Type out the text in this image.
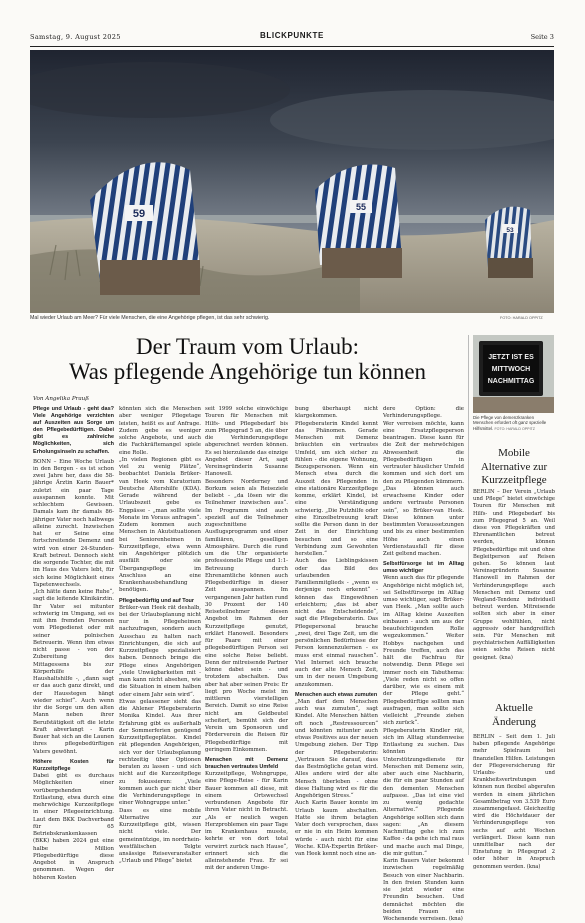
Samstag, 9. August 2025	BLICKPUNKTE	Seite 3
59
55
53
Mal wieder Urlaub am Meer? Für viele Menschen, die eine Angehörige pflegen, ist das sehr schwierig.	FOTO: HARALD OPPITZ
Der Traum vom Urlaub:
Was pflegende Angehörige tun können
Von Angelika Prauß

Pflege und Urlaub - geht das? Viele Angehörige verzichten auf Auszeiten aus Sorge um den Pflegebedürftigen. Dabei gibt es zahlreiche Möglichkeiten, sich Erholungsinseln zu schaffen.

BONN – Eine Woche Urlaub in den Bergen - es ist schon zwei Jahre her, dass die 58-jährige Ärztin Karin Bauer* zuletzt ein paar Tage ausspannen konnte. Mit schlechtem Gewissen. Damals kam ihr damals 86-jähriger Vater noch halbwegs alleine zurecht. Inzwischen hat er Seine eine fortschreitende Demenz und wird von einer 24-Stunden-Kraft betreut. Dennoch sieht die sorgende Tochter, die mit im Haus des Vaters lebt, für sich keine Möglichkeit eines Tapetenwechsels.

„Ich hätte dann keine Ruhe“, sagt die leitende Klinikärztin. Ihr Vater sei mitunter schwierig im Umgang, sei es mit ihm fremden Personen vom Pflegedienst oder mit seiner polnischen Betreuerin. Wenn ihm etwas nicht passe - von der Zubereitung des Mittagessens bis zur Körperhilfe der Haushaltshilfe -, „dann sagt er das auch ganz direkt, und der Hausstegen hängt wieder schief“. Auch wenn ihr die Sorge um den alten Mann neben ihrer Berufstätigkeit oft die letzte Kraft abverlangt - Karin Bauer hat sich an die Launen ihres pflegebedürftigen Vaters gewöhnt.

Höhere Kosten für Kurzzeitpflege

Dabei gibt es durchaus Möglichkeiten einer vorübergehenden Entlastung, etwa durch eine mehrwöchige Kurzzeitpflege in einer Pflegeeinrichtung. Laut dem BKK Dachverband für 65 Betriebskrankenkassen (BKK) haben 2024 gut eine halbe Million Pflegebedürftige diese Angebot in Anspruch genommen. Wegen der höheren Kosten

könnten sich die Menschen aber weniger Pflegetage leisten, heißt es auf Anfrage. Zudem gebe es weniger solche Angebote, und auch die Fachkräftemangel spiele eine Rolle.

„In vielen Regionen gibt es viel zu wenig Plätze“, beobachtet Daniela Brüker-van Heek vom Kuratorium Deutsche Altershilfe (KDA). Gerade während der Urlaubszeit gebe es Engpässe - „man sollte viele Monate im Voraus anfragen“. Zudem kommen auch Menschen in Akutsituationen bei Seniorenheimen in Kurzzeitpflege, etwa wenn ein Angehöriger plötzlich ausfällt oder sie Übergangspflege im Anschluss an eine Krankenhausbehandlung benötigen.

Pflegebedürftig und auf Tour

Brüker-van Heek rät deshalb, bei der Urlaubsplanung nicht nur in Pflegeheimen nachzufragen, sondern auch Ausschau zu halten nach Einrichtungen, die sich auf Kurzzeitpflege spezialisiert haben. Dennoch bringe die Pflege eines Angehörigen „viele Unwägbarkeiten mit - man kann nicht absehen, wie die Situation in einem halben oder einem Jahr sein wird“.

Etwas gelassener sieht das die Ahlener Pflegeberaterin Monika Kindel. Aus ihrer Erfahrung gibt es außerhalb der Sommerferien genügend Kurzzeitpflegeplätze. Kindel rät pflegenden Angehörigen, sich vor der Urlaubsplanung rechtzeitig über Optionen beraten zu lassen - und sich nicht auf die Kurzzeitpflege zu fokussieren: „Viele kommen auch gar nicht über die Verhinderungspflege in einer Wohngruppe unter.“

Dass es eine mobile Alternative zur Kurzzeitpflege gibt, wissen nicht viele. Der gemeinnützige, im nordrhein-westfälischen Telgte ansässige Reiseveranstalter „Urlaub und Pflege“ bietet

seit 1999 solche einwöchige Touren für Menschen mit Hilfs- und Pflegebedarf bis zum Pflegegrad 5 an, die über die Verhinderungspflege abgerechnet werden können. Es sei hierzulande das einzige Angebot dieser Art, sagt Vereinsgründerin Susanne Hanowell.

Besonders Norderney und Borkum seien als Reiseziele beliebt - „da lösen wir die Teilnehmer inzwischen aus“. Im Programm sind auch speziell auf die Teilnehmer zugeschnittene Ausflugsprogramm und einer familiären, geselligen Atmosphäre. Durch die rund um die Uhr organisierte professionelle Pflege und 1:1-Betreuung durch Ehrenamtliche können auch Pflegebedürftige in dieser Zeit ausspannen. Im vergangenen Jahr hatten rund 30 Prozent der 140 Reiseteilnehmer diesen Angebot im Rahmen der Kurzzeitpflege genutzt, erklärt Hanowell. Besonders für Paare mit einer pflegebedürftigen Person sei eine solche Reise beliebt. Denn der mitreisende Partner könne dabei sein - und trotzdem abschalten. Das aber hat aber seinen Preis: Er liegt pro Woche meist im mittleren vierstelligen Bereich. Damit so eine Reise nicht am Geldbeutel scheitert, bemüht sich der Verein um Sponsoren und Förderverein die Reisen für Pflegebedürftige mit geringem Einkommen.

Menschen mit Demenz brauchen vertrautes Umfeld

Kurzzeitpflege, Wohngruppe, eine Pflege-Reise - für Karin Bauer kommen all diese, mit einem Ortswechsel verbundenen Angebote für ihren Vater nicht in Betracht. „Als er neulich wegen Herzproblemen ein paar Tage im Krankenhaus musste, kehrte er von dort total verwirrt zurück nach Hause“, erinnert sich die alleinstehende Frau. Er sei mit der anderen Umge-

bung überhaupt nicht klargekommen.

Pflegeberaterin Kindel kennt das Phänomen. Gerade Menschen mit Demenz bräuchten ein vertrautes Umfeld, um sich sicher zu fühlen - die eigene Wohnung, Bezugspersonen. Wenn ein Mensch etwa durch die Auszeit des Pflegenden in eine stationäre Kurzzeitpflege komme, erklärt Kindel, ist eine Verständigung schwierig. „Die Putzhilfe oder eine Einzelbetreuung kraft sollte die Person dann in der Zeit in der Einrichtung besuchen und so eine Verbindung zum Gewohnten herstellen.“

Auch das Lieblingskissen oder das Bild des urlaubenden Familienmitglieds - „wenn es derjenige noch erkennt“ - können das Eingewöhnen erleichtern; „das ist aber nicht das Entscheidende“, sagt die Pflegeberaterin. Das Pflegepersonal brauche „zwei, drei Tage Zeit, um die persönlichen Bedürfnisse der Person kennenzulernen - es muss erst einmal rauschen“. Viel Internet sich brauche auch der alte Mensch Zeit, um in der neuen Umgebung anzukommen.

Menschen auch etwas zumuten

„Man darf dem Menschen auch was zumuten“, sagt Kindel. Alte Menschen hätten oft noch „Restressourcen“ und könnten mitunter auch etwas Positives aus der neuen Umgebung ziehen. Der Tipp der Pflegeberaterin: „Vertrauen Sie darauf, dass das Bestmögliche getan wird. Alles andere wird der alte Mensch überleben - ohne diese Haltung wird es für die Angehörigen Stress.“

Auch Karin Bauer konnte im Urlaub kaum abschalten. Hatte sie ihrem betagten Vater doch versprochen, dass er nie in ein Heim kommen würde - auch nicht für eine Woche. KDA-Expertin Brüker-van Heek kennt noch eine an-

dere Option: die Verhinderungspflege.

Wer verreisen möchte, kann eine Ersatzpflegeperson beantragen. Diese kann für die Zeit der mehrwöchigen Abwesenheit die Pflegebedürftigen in vertrauter häuslicher Umfeld kommen und sich dort um den zu Pflegenden kümmern. „Das können auch erwachsene Kinder oder andere vertraute Personen sein“, so Brüker-van Heek. Diese können unter bestimmten Voraussetzungen und bis zu einer bestimmten Höhe auch einen Verdienstausfall für diese Zeit geltend machen.

Selbstfürsorge ist im Alltag umso wichtiger

Wenn auch das für pflegende Angehörige nicht möglich ist, sei Selbstfürsorge im Alltag umso wichtiger, sagt Brüker-van Heek. „Man sollte auch im Alltag kleine Auszeiten einbauen - auch um aus der beaufsichtigenden Rolle wegzukommen.“ Weiter Hobbys nachgehen und Freunde treffen, auch das hält die Fachfrau für notwendig. Denn Pflege sei immer noch ein Tabuthema: „Viele reden nicht so offen darüber, wie es einem mit der Pflege geht.“ Pflegebedürftige sollten man ausfragen, man sollte sich vielleicht „Freunde ziehen sich zurück“.

Pflegeberaterin Kindler rät, sich im Alltag stundenweise Entlastung zu suchen. Das könnten Unterstützungsdienste für Menschen mit Demenz sein, aber auch eine Nachbarin, die für ein paar Stunden auf den dementen Menschen aufpasse. „Das ist eine viel zu wenig gedachte Alternative.“ Pflegende Angehörige sollten sich dann sagen: „An diesem Nachmittag gehe ich zum Kaffee - da gehe ich mal raus und mache auch mal Dinge, die mir guttun.“

Karin Bauers Vater bekommt inzwischen regelmäßig Besuch von einer Nachbarin. In den freien Stunden kann sie jetzt wieder eine Freundin besuchen. Und demnächst möchten die beiden Frauen ein Wochenende verreisen. (kna)

JETZT IST ES
MITTWOCH
NACHMITTAG
Die Pflege von demenzkranken Menschen erfordert oft ganz spezielle Hilfsmittel. FOTO: HARALD OPPITZ
Mobile Alternative zur Kurzzeitpflege
BERLIN – Der Verein „Urlaub und Pflege“ bietet einwöchige Touren für Menschen mit Hilfs- und Pflegebedarf bis zum Pflegegrad 5 an. Weil diese von Pflegekräften und Ehrenamtlichen betreut werden, können Pflegebedürftige mit und ohne Begleitperson auf Reisen gehen. So können laut Vereinsgründerin Susanne Hanowell im Rahmen der Verhinderungspflege auch Menschen mit Demenz und Wegland-Tendenz individuell betreut werden. Mitreisende sollten sich aber in einer Gruppe wohlfühlen, nicht aggressiv oder handgreiflich sein. Für Menschen mit psychiatrischen Auffälligkeiten seien solche Reisen nicht geeignet. (kna)
Aktuelle Änderung
BERLIN – Seit dem 1. Juli haben pflegende Angehörige mehr Spielraum bei finanziellen Hilfen. Leistungen der Pflegeversicherung für Urlaubs- und Krankheitsvertretungen können nun flexibel abgerufen werden in einem jährlichen Gesamtbetrag von 3.539 Euro zusammengefasst. Gleichzeitig wird die Höchstdauer der Verhinderungspflege von sechs auf acht Wochen verlängert. Diese kann nun unmittelbar nach der Einstufung in Pflegegrad 2 oder höher in Anspruch genommen werden. (kna)
